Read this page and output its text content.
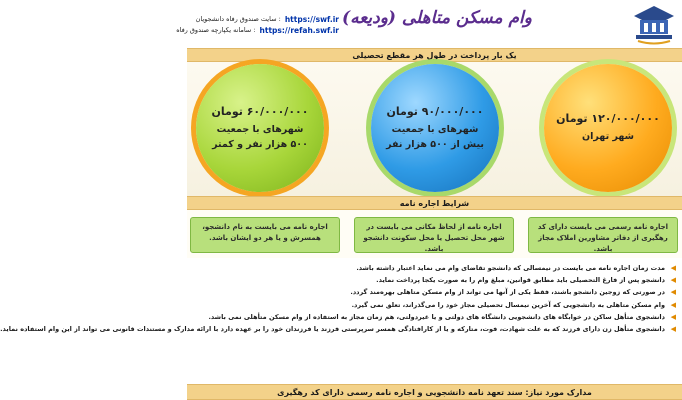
وام مسکن متاهلی (ودیعه)
https://swf.ir
: سایت صندوق رفاه دانشجویان
https://refah.swf.ir
: سامانه یکپارچه صندوق رفاه
یک بار پرداخت در طول هر مقطع تحصیلی
۱۲۰/۰۰۰/۰۰۰ تومان
شهر تهران
۹۰/۰۰۰/۰۰۰ تومان
شهرهای با جمعیت بیش از ۵۰۰ هزار نفر
۶۰/۰۰۰/۰۰۰ تومان
شهرهای با جمعیت ۵۰۰ هزار نفر و کمتر
شرایط اجاره نامه
اجاره نامه رسمی می بایست دارای کد رهگیری از دفاتر مشاورین املاک مجاز باشد.
اجاره نامه از لحاظ مکانی می بایست در شهر محل تحصیل یا محل سکونت دانشجو باشد.
اجاره نامه می بایست به نام دانشجو، همسرش و یا هر دو ایشان باشد.
◀
مدت زمان اجاره نامه می بایست در نیمسالی که دانشجو تقاضای وام می نماید اعتبار داشته باشد.
◀
دانشجو پس از فارغ التحصیلی باید مطابق قوانین، مبلغ وام را به صورت یکجا پرداخت نماید.
◀
در صورتی که زوجین دانشجو باشند، فقط یکی از آنها می تواند از وام مسکن متاهلی بهره‌مند گردد.
◀
وام مسکن متاهلی به دانشجویی که آخرین نیمسال تحصیلی مجاز خود را می‌گذراند، تعلق نمی گیرد.
◀
دانشجوی متأهل ساکن در خوابگاه های دانشجویی دانشگاه های دولتی و یا غیردولتی، هم زمان مجاز به استفاده از وام مسکن متأهلی نمی باشد.
◀
دانشجوی متأهل زن دارای فرزند که به علت شهادت، فوت، متارکه و یا از کارافتادگی همسر سرپرستی فرزند یا فرزندان خود را بر عهده دارد با ارائه مدارک و مستندات قانونی می تواند از این وام استفاده نماید.
مدارک مورد نیاز: سند تعهد نامه دانشجویی و اجاره نامه رسمی دارای کد رهگیری
